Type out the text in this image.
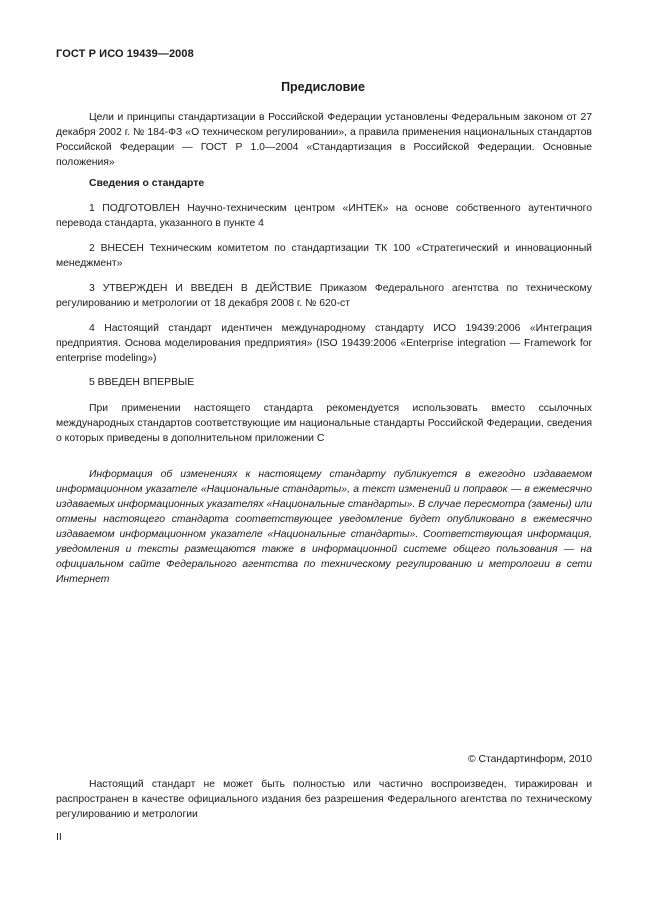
ГОСТ Р ИСО 19439—2008
Предисловие

Цели и принципы стандартизации в Российской Федерации установлены Федеральным законом от 27 декабря 2002 г. № 184-ФЗ «О техническом регулировании», а правила применения национальных стандартов Российской Федерации — ГОСТ Р 1.0—2004 «Стандартизация в Российской Федерации. Основные положения»

Сведения о стандарте

1 ПОДГОТОВЛЕН Научно-техническим центром «ИНТЕК» на основе собственного аутентичного перевода стандарта, указанного в пункте 4

2 ВНЕСЕН Техническим комитетом по стандартизации ТК 100 «Стратегический и инновационный менеджмент»

3 УТВЕРЖДЕН И ВВЕДЕН В ДЕЙСТВИЕ Приказом Федерального агентства по техническому регулированию и метрологии от 18 декабря 2008 г. № 620-ст

4 Настоящий стандарт идентичен международному стандарту ИСО 19439:2006 «Интеграция предприятия. Основа моделирования предприятия» (ISO 19439:2006 «Enterprise integration — Framework for enterprise modeling»)

5 ВВЕДЕН ВПЕРВЫЕ

При применении настоящего стандарта рекомендуется использовать вместо ссылочных международных стандартов соответствующие им национальные стандарты Российской Федерации, сведения о которых приведены в дополнительном приложении С

Информация об изменениях к настоящему стандарту публикуется в ежегодно издаваемом информационном указателе «Национальные стандарты», а текст изменений и поправок — в ежемесячно издаваемых информационных указателях «Национальные стандарты». В случае пересмотра (замены) или отмены настоящего стандарта соответствующее уведомление будет опубликовано в ежемесячно издаваемом информационном указателе «Национальные стандарты». Соответствующая информация, уведомления и тексты размещаются также в информационной системе общего пользования — на официальном сайте Федерального агентства по техническому регулированию и метрологии в сети Интернет

© Стандартинформ, 2010

Настоящий стандарт не может быть полностью или частично воспроизведен, тиражирован и распространен в качестве официального издания без разрешения Федерального агентства по техническому регулированию и метрологии

II
